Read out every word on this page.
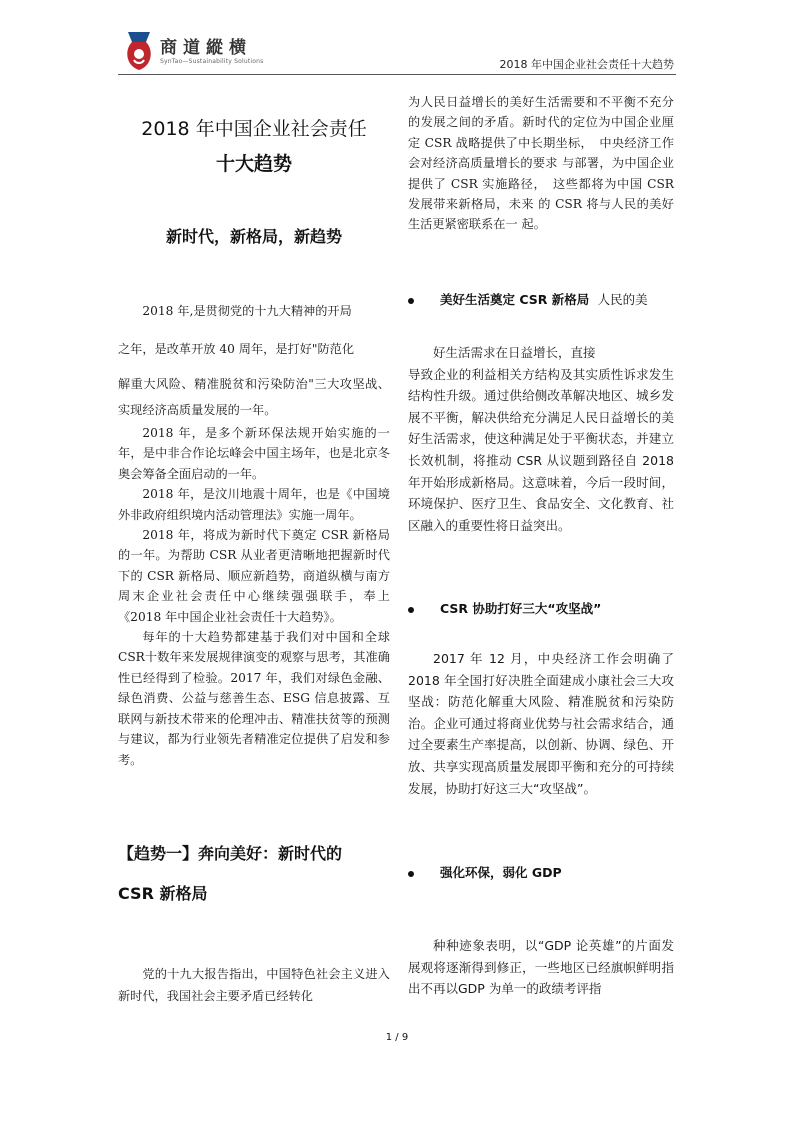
商道縱横
SynTao—Sustainability Solutions	2018 年中国企业社会责任十大趋势
2018 年中国企业社会责任
十大趋势
新时代，新格局，新趋势

2018 年,是贯彻党的十九大精神的开局

之年，是改革开放 40 周年，是打好"防范化

解重大风险、精准脱贫和污染防治"三大攻坚战、实现经济高质量发展的一年。

2018 年，是多个新环保法规开始实施的一年，是中非合作论坛峰会中国主场年，也是北京冬奥会筹备全面启动的一年。

2018 年，是汶川地震十周年，也是《中国境外非政府组织境内活动管理法》实施一周年。

2018 年，将成为新时代下奠定 CSR 新格局的一年。为帮助 CSR 从业者更清晰地把握新时代下的 CSR 新格局、顺应新趋势，商道纵横与南方周末企业社会责任中心继续强强联手，奉上《2018 年中国企业社会责任十大趋势》。

每年的十大趋势都建基于我们对中国和全球CSR十数年来发展规律演变的观察与思考，其准确性已经得到了检验。2017 年，我们对绿色金融、绿色消费、公益与慈善生态、ESG 信息披露、互联网与新技术带来的伦理冲击、精准扶贫等的预测与建议，都为行业领先者精准定位提供了启发和参考。

【趋势一】奔向美好：新时代的
CSR 新格局

党的十九大报告指出，中国特色社会主义进入新时代，我国社会主要矛盾已经转化

为人民日益增长的美好生活需要和不平衡不充分的发展之间的矛盾。新时代的定位为中国企业厘定 CSR 战略提供了中长期坐标，　中央经济工作会对经济高质量增长的要求 与部署，为中国企业提供了 CSR 实施路径，　这些都将为中国 CSR 发展带来新格局，未来 的 CSR 将与人民的美好生活更紧密联系在一 起。

美好生活奠定 CSR 新格局 人民的美

好生活需求在日益增长，直接

导致企业的利益相关方结构及其实质性诉求发生结构性升级。通过供给侧改革解决地区、城乡发展不平衡，解决供给充分满足人民日益增长的美好生活需求，使这种满足处于平衡状态，并建立长效机制，将推动 CSR 从议题到路径自 2018 年开始形成新格局。这意味着，今后一段时间，环境保护、医疗卫生、食品安全、文化教育、社区融入的重要性将日益突出。

CSR 协助打好三大“攻坚战”

2017 年 12 月，中央经济工作会明确了 2018 年全国打好决胜全面建成小康社会三大攻坚战：防范化解重大风险、精准脱贫和污染防治。企业可通过将商业优势与社会需求结合，通过全要素生产率提高，以创新、协调、绿色、开放、共享实现高质量发展即平衡和充分的可持续发展，协助打好这三大“攻坚战”。

强化环保，弱化 GDP

种种迹象表明，以“GDP 论英雄”的片面发展观将逐渐得到修正，一些地区已经旗帜鲜明指出不再以GDP 为单一的政绩考评指

1 / 9
